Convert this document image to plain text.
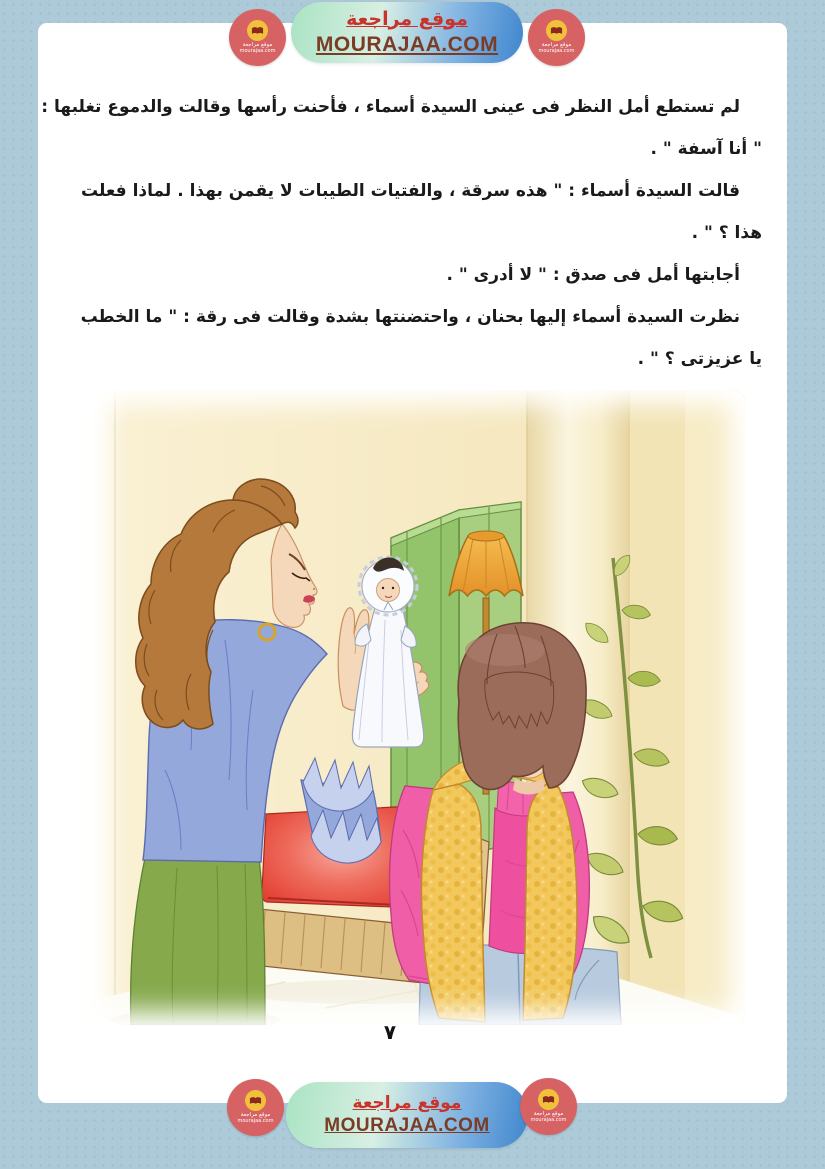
موقع مراجعة
mourajaa.com
موقع مراجعة
MOURAJAA.COM	موقع مراجعة
mourajaa.com
لم تستطع أمل النظر فى عينى السيدة أسماء ، فأحنت رأسها وقالت والدموع تغلبها :
" أنا آسفة " .
قالت السيدة أسماء : " هذه سرقة ، والفتيات الطيبات لا يقمن بهذا . لماذا فعلت
هذا ؟ " .
أجابتها أمل فى صدق : " لا أدرى " .
نظرت السيدة أسماء إليها بحنان ، واحتضنتها بشدة وقالت فى رقة : " ما الخطب
يا عزيزتى ؟ " .
٧
موقع مراجعة
mourajaa.com
موقع مراجعة
MOURAJAA.COM
موقع مراجعة
mourajaa.com
